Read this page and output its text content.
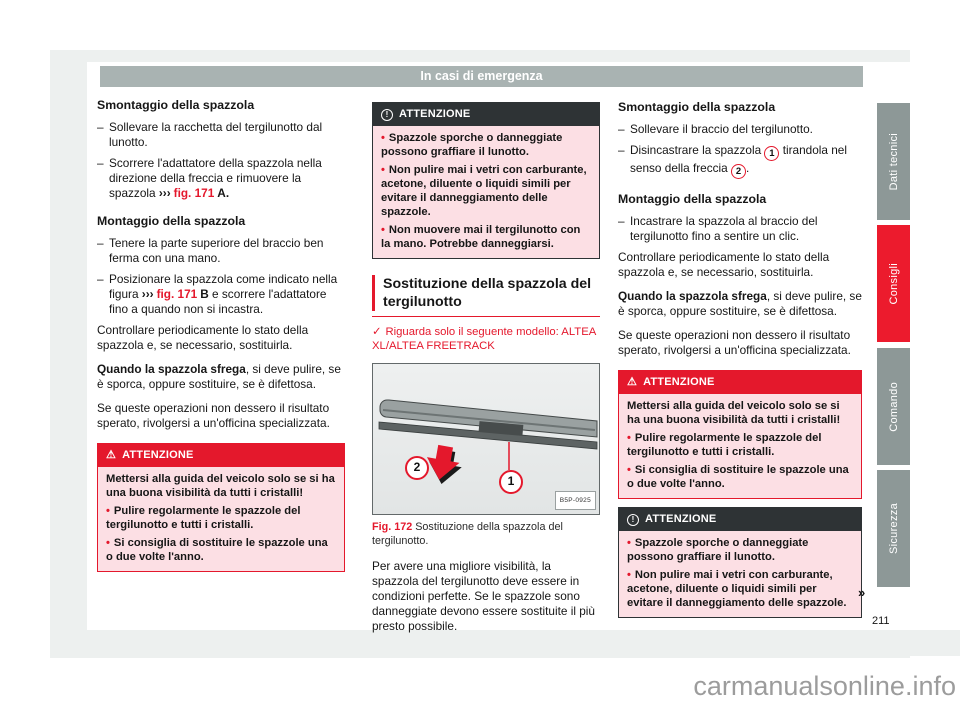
In casi di emergenza
Smontaggio della spazzola
– Sollevare la racchetta del tergilunotto dal lunotto.
– Scorrere l'adattatore della spazzola nella direzione della freccia e rimuovere la spazzola ››› fig. 171 A.
Montaggio della spazzola
– Tenere la parte superiore del braccio ben ferma con una mano.
– Posizionare la spazzola come indicato nella figura ››› fig. 171 B e scorrere l'adattatore fino a quando non si incastra.

Controllare periodicamente lo stato della spazzola e, se necessario, sostituirla.

Quando la spazzola sfrega, si deve pulire, se è sporca, oppure sostituire, se è difettosa.

Se queste operazioni non dessero il risultato sperato, rivolgersi a un'officina specializzata.

⚠ ATTENZIONE
Mettersi alla guida del veicolo solo se si ha una buona visibilità da tutti i cristalli!
• Pulire regolarmente le spazzole del tergilunotto e tutti i cristalli.
• Si consiglia di sostituire le spazzole una o due volte l'anno.
! ATTENZIONE
• Spazzole sporche o danneggiate possono graffiare il lunotto.
• Non pulire mai i vetri con carburante, acetone, diluente o liquidi simili per evitare il danneggiamento delle spazzole.
• Non muovere mai il tergilunotto con la mano. Potrebbe danneggiarsi.
Sostituzione della spazzola del tergilunotto
✓ Riguarda solo il seguente modello: ALTEA XL/ALTEA FREETRACK
2
1
B5P-0925
Fig. 172 Sostituzione della spazzola del tergilunotto.

Per avere una migliore visibilità, la spazzola del tergilunotto deve essere in condizioni perfette. Se le spazzole sono danneggiate devono essere sostituite il più presto possibile.

Smontaggio della spazzola
– Sollevare il braccio del tergilunotto.
– Disincastrare la spazzola 1 tirandola nel senso della freccia 2 .
Montaggio della spazzola
– Incastrare la spazzola al braccio del tergilunotto fino a sentire un clic.

Controllare periodicamente lo stato della spazzola e, se necessario, sostituirla.

Quando la spazzola sfrega, si deve pulire, se è sporca, oppure sostituire, se è difettosa.

Se queste operazioni non dessero il risultato sperato, rivolgersi a un'officina specializzata.

⚠ ATTENZIONE
Mettersi alla guida del veicolo solo se si ha una buona visibilità da tutti i cristalli!
• Pulire regolarmente le spazzole del tergilunotto e tutti i cristalli.
• Si consiglia di sostituire le spazzole una o due volte l'anno.
! ATTENZIONE
• Spazzole sporche o danneggiate possono graffiare il lunotto.
• Non pulire mai i vetri con carburante, acetone, diluente o liquidi simili per evitare il danneggiamento delle spazzole.
Dati tecnici
Consigli
Comando
Sicurezza
»
211
carmanualsonline.info
